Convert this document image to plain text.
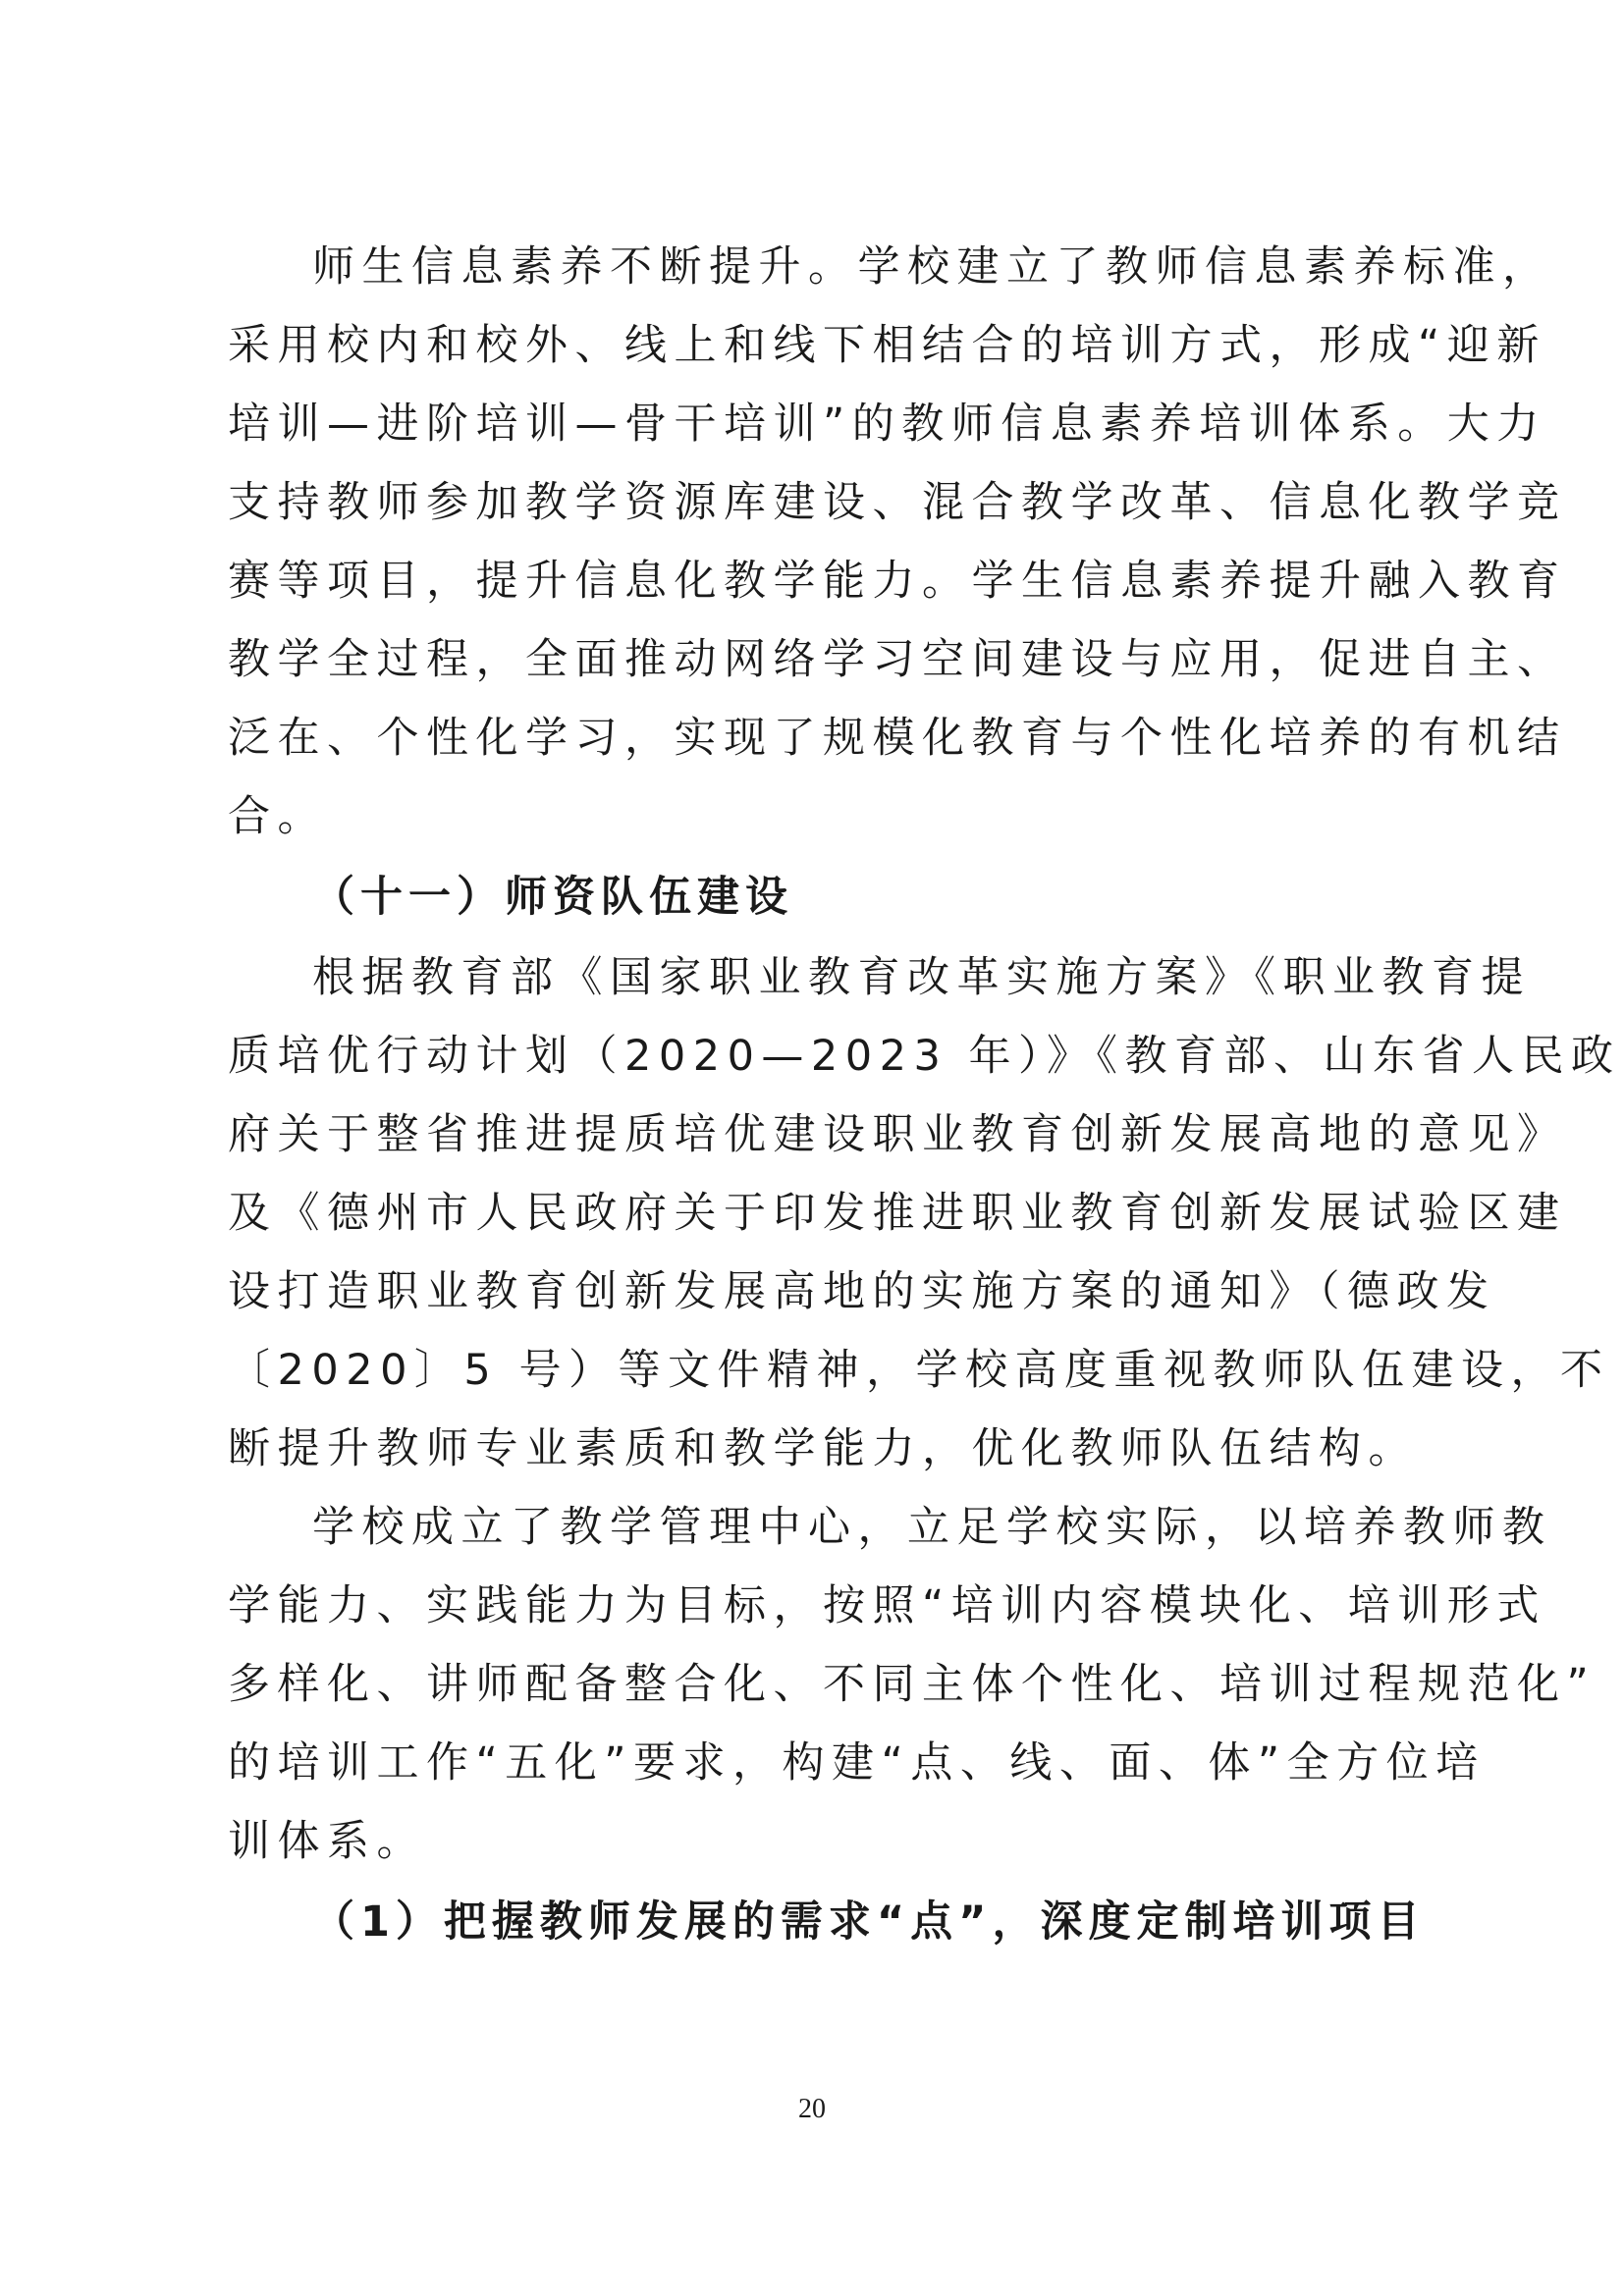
师生信息素养不断提升。学校建立了教师信息素养标准，
采用校内和校外、线上和线下相结合的培训方式，形成“迎新
培训—进阶培训—骨干培训”的教师信息素养培训体系。大力
支持教师参加教学资源库建设、混合教学改革、信息化教学竞
赛等项目，提升信息化教学能力。学生信息素养提升融入教育
教学全过程，全面推动网络学习空间建设与应用，促进自主、
泛在、个性化学习，实现了规模化教育与个性化培养的有机结
合。
（十一）师资队伍建设
根据教育部《国家职业教育改革实施方案》《职业教育提
质培优行动计划（2020—2023 年）》《教育部、山东省人民政
府关于整省推进提质培优建设职业教育创新发展高地的意见》
及《德州市人民政府关于印发推进职业教育创新发展试验区建
设打造职业教育创新发展高地的实施方案的通知》（德政发
〔2020〕5 号）等文件精神，学校高度重视教师队伍建设，不
断提升教师专业素质和教学能力，优化教师队伍结构。
学校成立了教学管理中心，立足学校实际，以培养教师教
学能力、实践能力为目标，按照“培训内容模块化、培训形式
多样化、讲师配备整合化、不同主体个性化、培训过程规范化”
的培训工作“五化”要求，构建“点、线、面、体”全方位培
训体系。
（1）把握教师发展的需求“点”，深度定制培训项目
20
